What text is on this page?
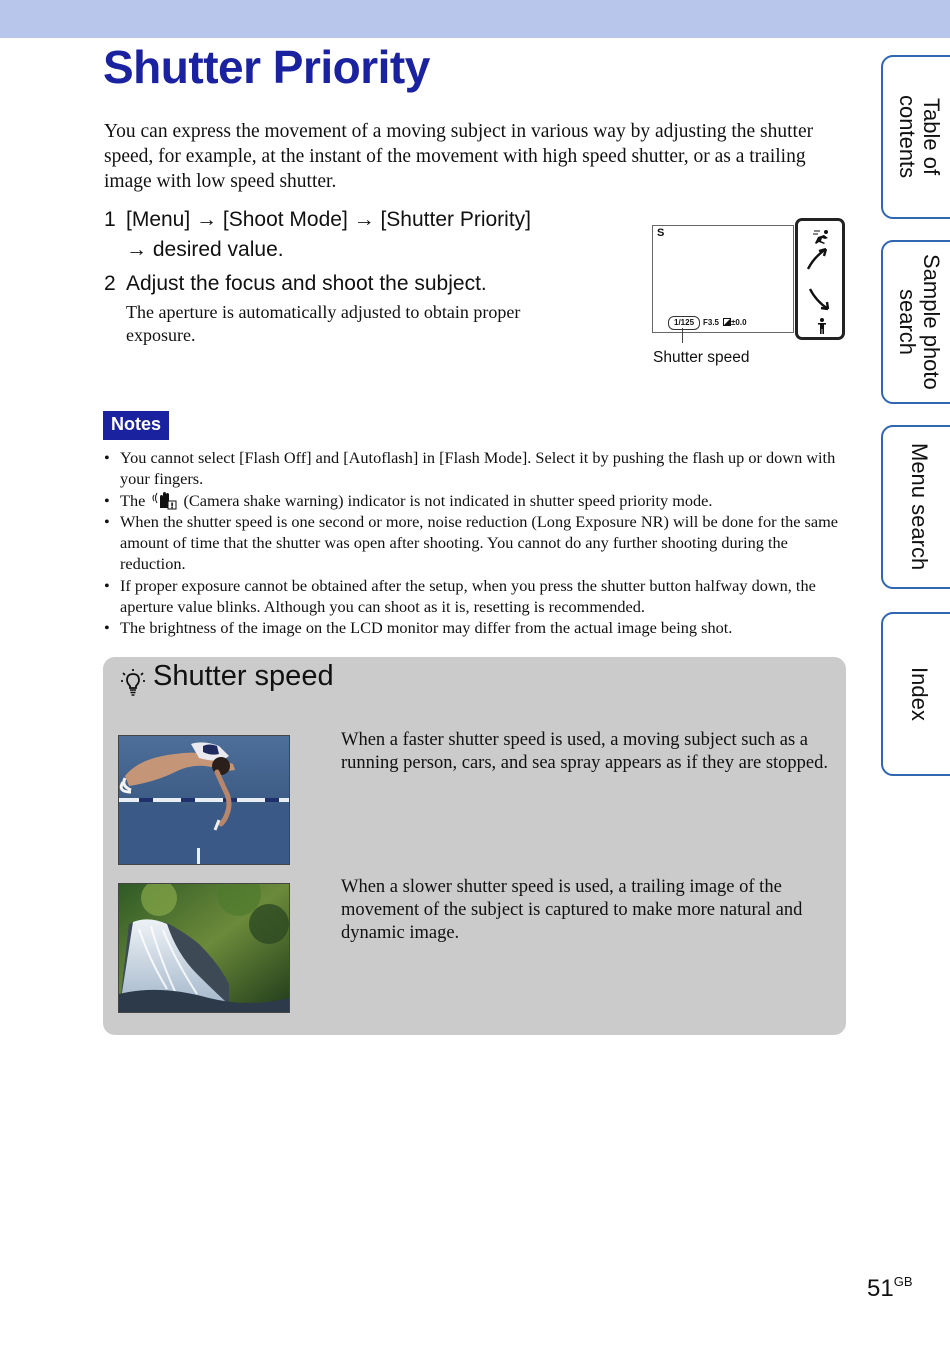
Shutter Priority

You can express the movement of a moving subject in various way by adjusting the shutter speed, for example, at the instant of the movement with high speed shutter, or as a trailing image with low speed shutter.

1 [Menu] → [Shoot Mode] → [Shutter Priority]
→ desired value.
2 Adjust the focus and shoot the subject.
The aperture is automatically adjusted to obtain proper exposure.
S
1/125	F3.5	±0.0
Shutter speed
Notes
• You cannot select [Flash Off] and [Autoflash] in [Flash Mode]. Select it by pushing the flash up or down with your fingers.
• The (Camera shake warning) indicator is not indicated in shutter speed priority mode.
• When the shutter speed is one second or more, noise reduction (Long Exposure NR) will be done for the same amount of time that the shutter was open after shooting. You cannot do any further shooting during the reduction.
• If proper exposure cannot be obtained after the setup, when you press the shutter button halfway down, the aperture value blinks. Although you can shoot as it is, resetting is recommended.
• The brightness of the image on the LCD monitor may differ from the actual image being shot.
Shutter speed
When a faster shutter speed is used, a moving subject such as a running person, cars, and sea spray appears as if they are stopped.
When a slower shutter speed is used, a trailing image of the movement of the subject is captured to make more natural and dynamic image.
Table of contents
Sample photo search
Menu search
Index
$51^{GB}$
